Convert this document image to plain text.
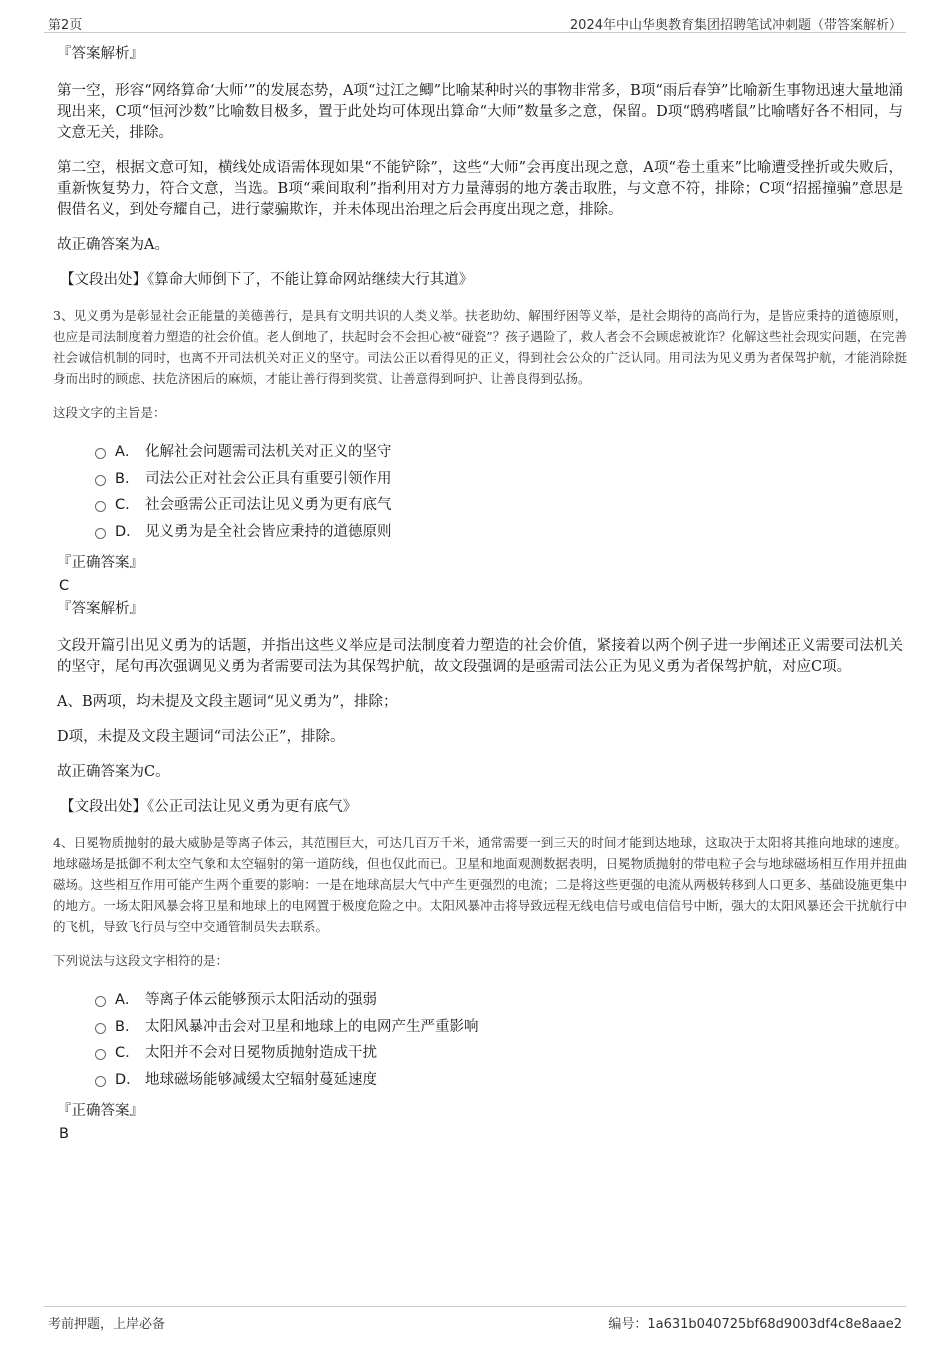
第2页	2024年中山华奥教育集团招聘笔试冲刺题（带答案解析）
『答案解析』

第一空，形容“网络算命‘大师’”的发展态势，A项“过江之鲫”比喻某种时兴的事物非常多，B项“雨后春笋”比喻新生事物迅速大量地涌现出来，C项“恒河沙数”比喻数目极多，置于此处均可体现出算命“大师”数量多之意，保留。D项“鸱鸦嗜鼠”比喻嗜好各不相同，与文意无关，排除。

第二空，根据文意可知，横线处成语需体现如果“不能铲除”，这些“大师”会再度出现之意，A项“卷土重来”比喻遭受挫折或失败后，重新恢复势力，符合文意，当选。B项“乘间取利”指利用对方力量薄弱的地方袭击取胜，与文意不符，排除；C项“招摇撞骗”意思是假借名义，到处夸耀自己，进行蒙骗欺诈，并未体现出治理之后会再度出现之意，排除。

故正确答案为A。

【文段出处】《算命大师倒下了，不能让算命网站继续大行其道》

3、见义勇为是彰显社会正能量的美德善行，是具有文明共识的人类义举。扶老助幼、解围纾困等义举，是社会期待的高尚行为，是皆应秉持的道德原则，也应是司法制度着力塑造的社会价值。老人倒地了，扶起时会不会担心被“碰瓷”？孩子遇险了，救人者会不会顾虑被讹诈？化解这些社会现实问题，在完善社会诚信机制的同时，也离不开司法机关对正义的坚守。司法公正以看得见的正义，得到社会公众的广泛认同。用司法为见义勇为者保驾护航，才能消除挺身而出时的顾虑、扶危济困后的麻烦，才能让善行得到奖赏、让善意得到呵护、让善良得到弘扬。
这段文字的主旨是：
A． 化解社会问题需司法机关对正义的坚守
B． 司法公正对社会公正具有重要引领作用
C． 社会亟需公正司法让见义勇为更有底气
D． 见义勇为是全社会皆应秉持的道德原则
『正确答案』
C
『答案解析』

文段开篇引出见义勇为的话题，并指出这些义举应是司法制度着力塑造的社会价值，紧接着以两个例子进一步阐述正义需要司法机关的坚守，尾句再次强调见义勇为者需要司法为其保驾护航，故文段强调的是亟需司法公正为见义勇为者保驾护航，对应C项。

A、B两项，均未提及文段主题词“见义勇为”，排除；

D项，未提及文段主题词“司法公正”，排除。

故正确答案为C。

【文段出处】《公正司法让见义勇为更有底气》

4、日冕物质抛射的最大威胁是等离子体云，其范围巨大，可达几百万千米，通常需要一到三天的时间才能到达地球，这取决于太阳将其推向地球的速度。地球磁场是抵御不利太空气象和太空辐射的第一道防线，但也仅此而已。卫星和地面观测数据表明，日冕物质抛射的带电粒子会与地球磁场相互作用并扭曲磁场。这些相互作用可能产生两个重要的影响：一是在地球高层大气中产生更强烈的电流；二是将这些更强的电流从两极转移到人口更多、基础设施更集中的地方。一场太阳风暴会将卫星和地球上的电网置于极度危险之中。太阳风暴冲击将导致远程无线电信号或电信信号中断，强大的太阳风暴还会干扰航行中的飞机，导致飞行员与空中交通管制员失去联系。
下列说法与这段文字相符的是：
A． 等离子体云能够预示太阳活动的强弱
B． 太阳风暴冲击会对卫星和地球上的电网产生严重影响
C． 太阳并不会对日冕物质抛射造成干扰
D． 地球磁场能够减缓太空辐射蔓延速度
『正确答案』
B
考前押题，上岸必备	编号：1a631b040725bf68d9003df4c8e8aae2
